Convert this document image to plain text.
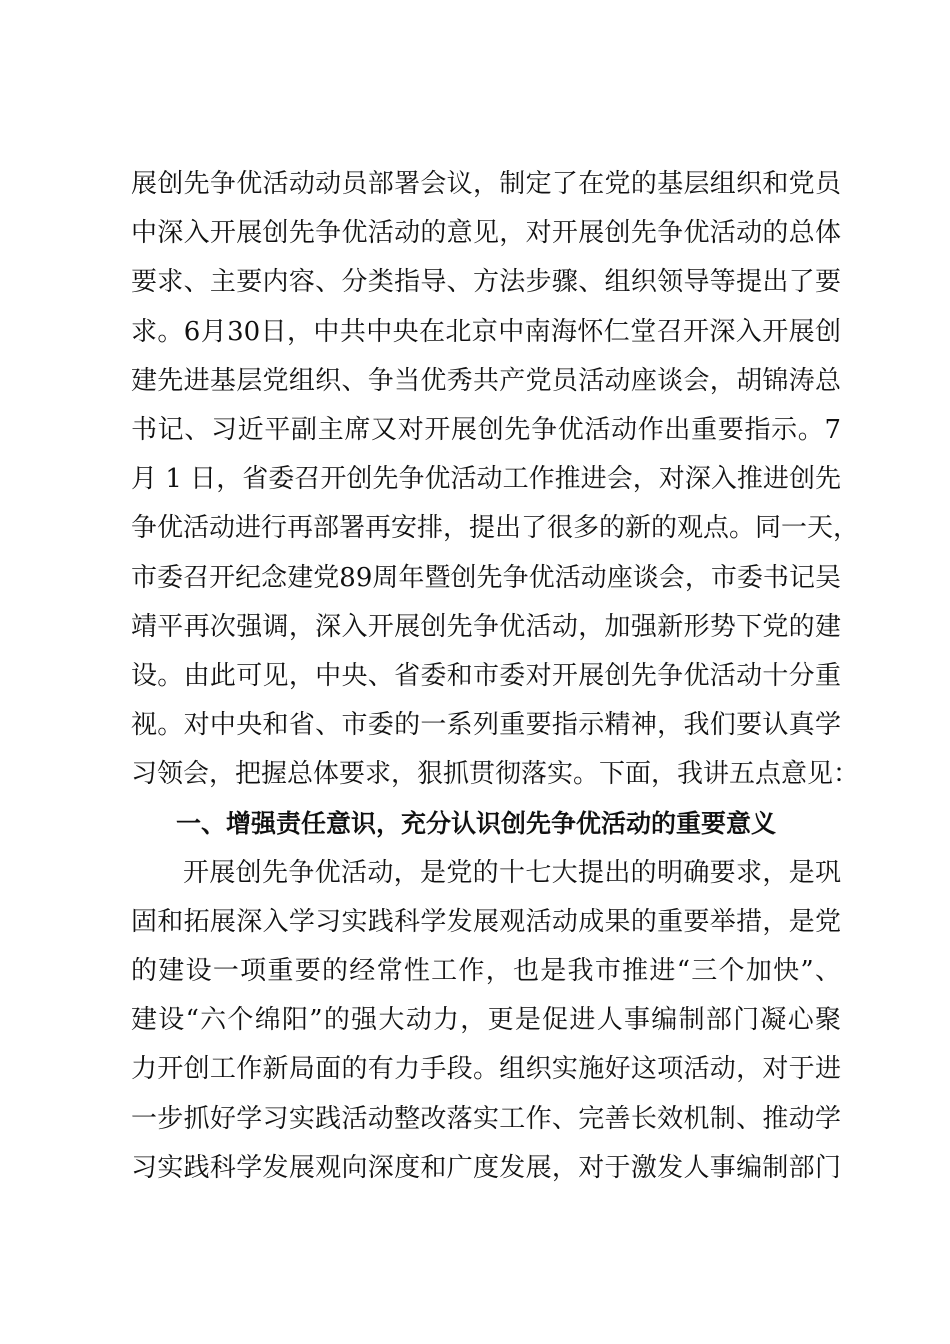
展创先争优活动动员部署会议，制定了在党的基层组织和党员
中深入开展创先争优活动的意见，对开展创先争优活动的总体
要求、主要内容、分类指导、方法步骤、组织领导等提出了要
求。6月30日，中共中央在北京中南海怀仁堂召开深入开展创
建先进基层党组织、争当优秀共产党员活动座谈会，胡锦涛总
书记、习近平副主席又对开展创先争优活动作出重要指示。7
月 1 日，省委召开创先争优活动工作推进会，对深入推进创先
争优活动进行再部署再安排，提出了很多的新的观点。同一天，
市委召开纪念建党89周年暨创先争优活动座谈会，市委书记吴
靖平再次强调，深入开展创先争优活动，加强新形势下党的建
设。由此可见，中央、省委和市委对开展创先争优活动十分重
视。对中央和省、市委的一系列重要指示精神，我们要认真学
习领会，把握总体要求，狠抓贯彻落实。下面，我讲五点意见：
一、增强责任意识，充分认识创先争优活动的重要意义
开展创先争优活动，是党的十七大提出的明确要求，是巩
固和拓展深入学习实践科学发展观活动成果的重要举措，是党
的建设一项重要的经常性工作，也是我市推进“三个加快”、
建设“六个绵阳”的强大动力，更是促进人事编制部门凝心聚
力开创工作新局面的有力手段。组织实施好这项活动，对于进
一步抓好学习实践活动整改落实工作、完善长效机制、推动学
习实践科学发展观向深度和广度发展，对于激发人事编制部门
